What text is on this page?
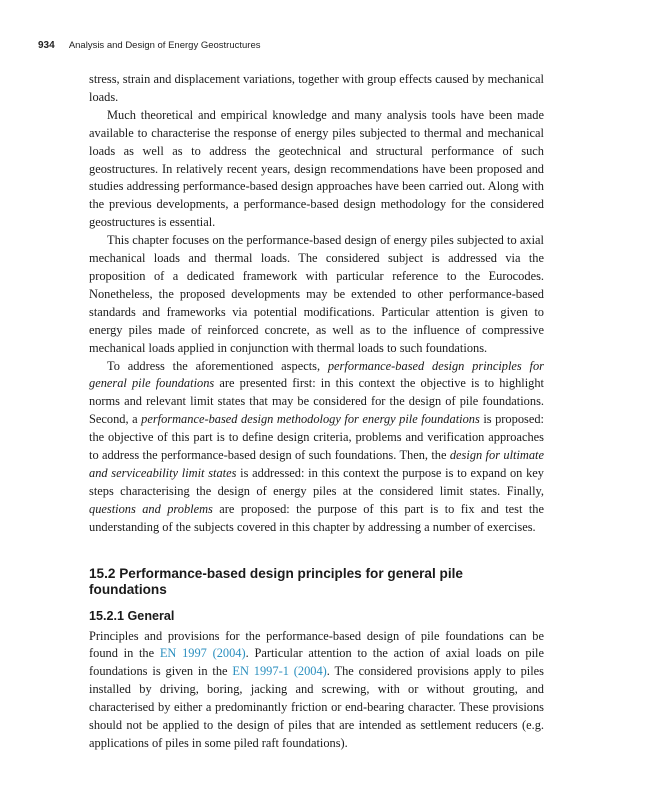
934 Analysis and Design of Energy Geostructures

stress, strain and displacement variations, together with group effects caused by mechanical loads.

Much theoretical and empirical knowledge and many analysis tools have been made available to characterise the response of energy piles subjected to thermal and mechanical loads as well as to address the geotechnical and structural performance of such geostructures. In relatively recent years, design recommendations have been proposed and studies addressing performance-based design approaches have been carried out. Along with the previous developments, a performance-based design methodology for the considered geostructures is essential.

This chapter focuses on the performance-based design of energy piles subjected to axial mechanical loads and thermal loads. The considered subject is addressed via the proposition of a dedicated framework with particular reference to the Eurocodes. Nonetheless, the proposed developments may be extended to other performance-based standards and frameworks via potential modifications. Particular attention is given to energy piles made of reinforced concrete, as well as to the influence of compressive mechanical loads applied in conjunction with thermal loads to such foundations.

To address the aforementioned aspects, performance-based design principles for general pile foundations are presented first: in this context the objective is to highlight norms and relevant limit states that may be considered for the design of pile foundations. Second, a performance-based design methodology for energy pile foundations is proposed: the objective of this part is to define design criteria, problems and verification approaches to address the performance-based design of such foundations. Then, the design for ultimate and serviceability limit states is addressed: in this context the purpose is to expand on key steps characterising the design of energy piles at the considered limit states. Finally, questions and problems are proposed: the purpose of this part is to fix and test the understanding of the subjects covered in this chapter by addressing a number of exercises.

15.2 Performance-based design principles for general pile foundations
15.2.1 General

Principles and provisions for the performance-based design of pile foundations can be found in the EN 1997 (2004). Particular attention to the action of axial loads on pile foundations is given in the EN 1997-1 (2004). The considered provisions apply to piles installed by driving, boring, jacking and screwing, with or without grouting, and characterised by either a predominantly friction or end-bearing character. These provisions should not be applied to the design of piles that are intended as settlement reducers (e.g. applications of piles in some piled raft foundations).
